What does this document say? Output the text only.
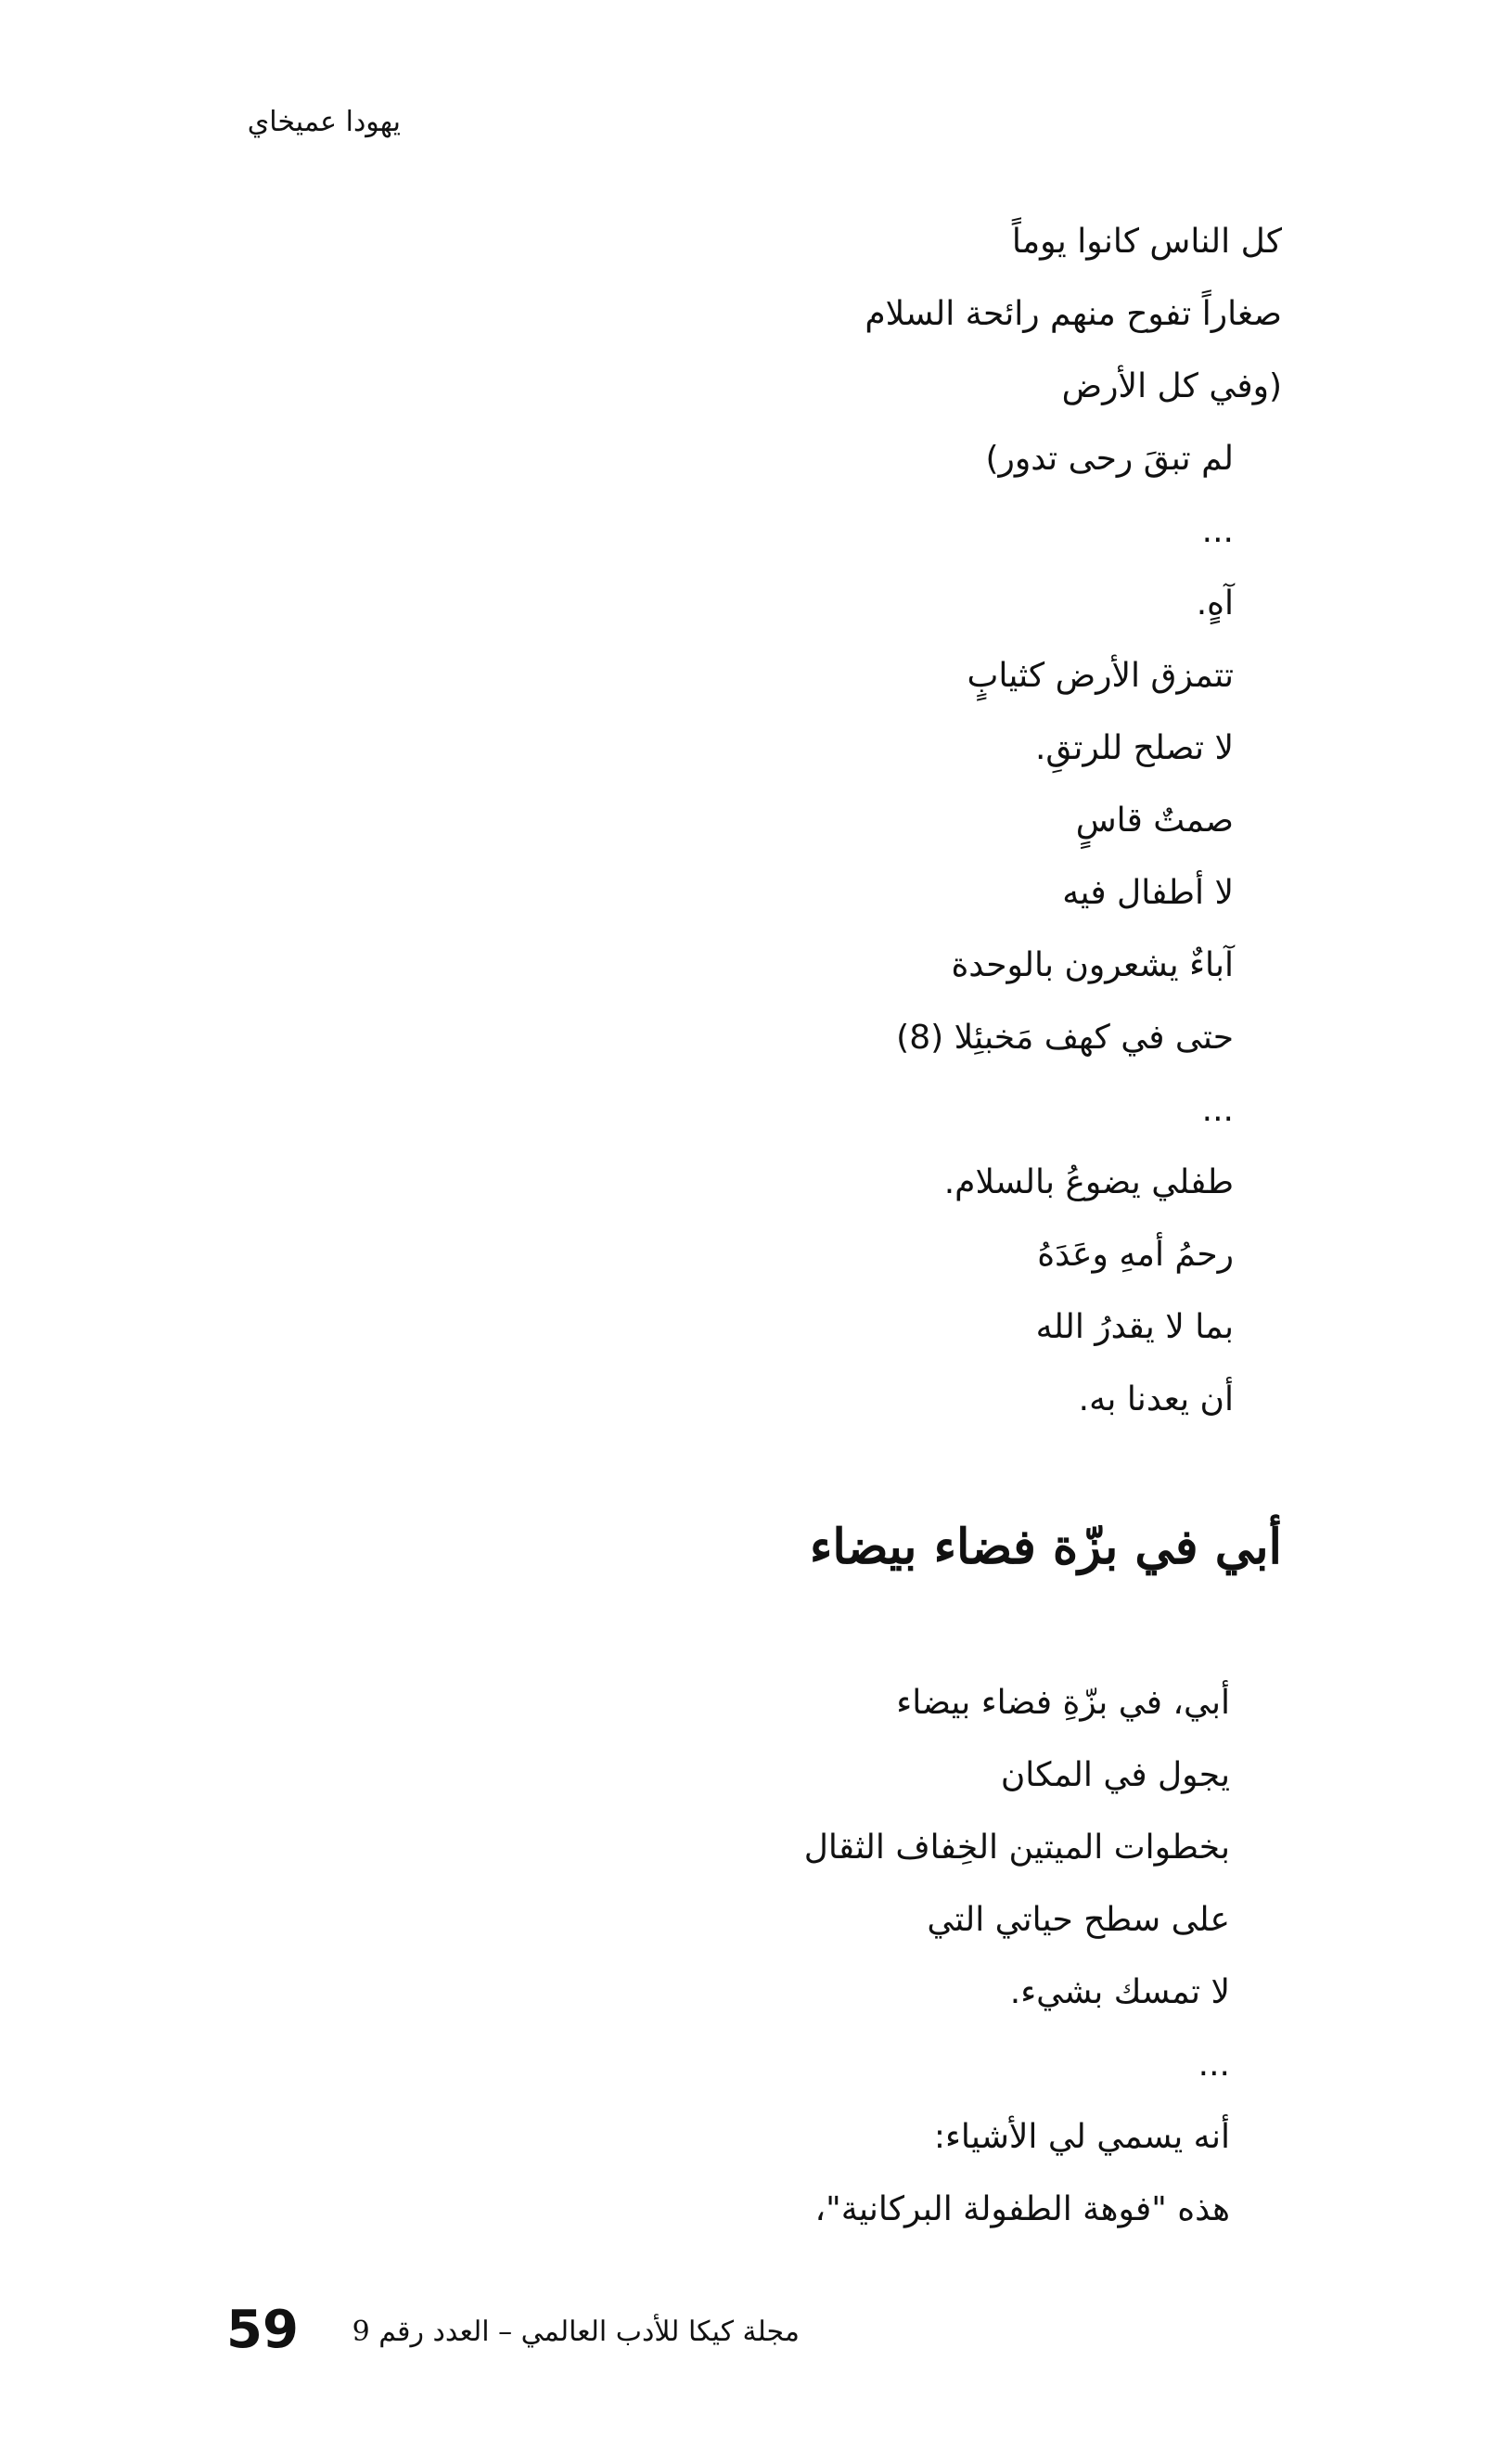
يهودا عميخاي
كل الناس كانوا يوماً
صغاراً تفوح منهم رائحة السلام
(وفي كل الأرض
لم تبقَ رحى تدور)
...
آهٍ.
تتمزق الأرض كثيابٍ
لا تصلح للرتقِ.
صمتٌ قاسٍ
لا أطفال فيه
آباءٌ يشعرون بالوحدة
حتى في كهف مَخبئِلا (8)
...
طفلي يضوعُ بالسلام.
رحمُ أمهِ وعَدَهُ
بما لا يقدرُ الله
أن يعدنا به.
أبي في بزّة فضاء بيضاء
أبي، في بزّةِ فضاء بيضاء
يجول في المكان
بخطوات الميتين الخِفاف الثقال
على سطح حياتي التي
لا تمسك بشيء.
...
أنه يسمي لي الأشياء:
هذه "فوهة الطفولة البركانية"،
59 مجلة كيكا للأدب العالمي – العدد رقم 9
